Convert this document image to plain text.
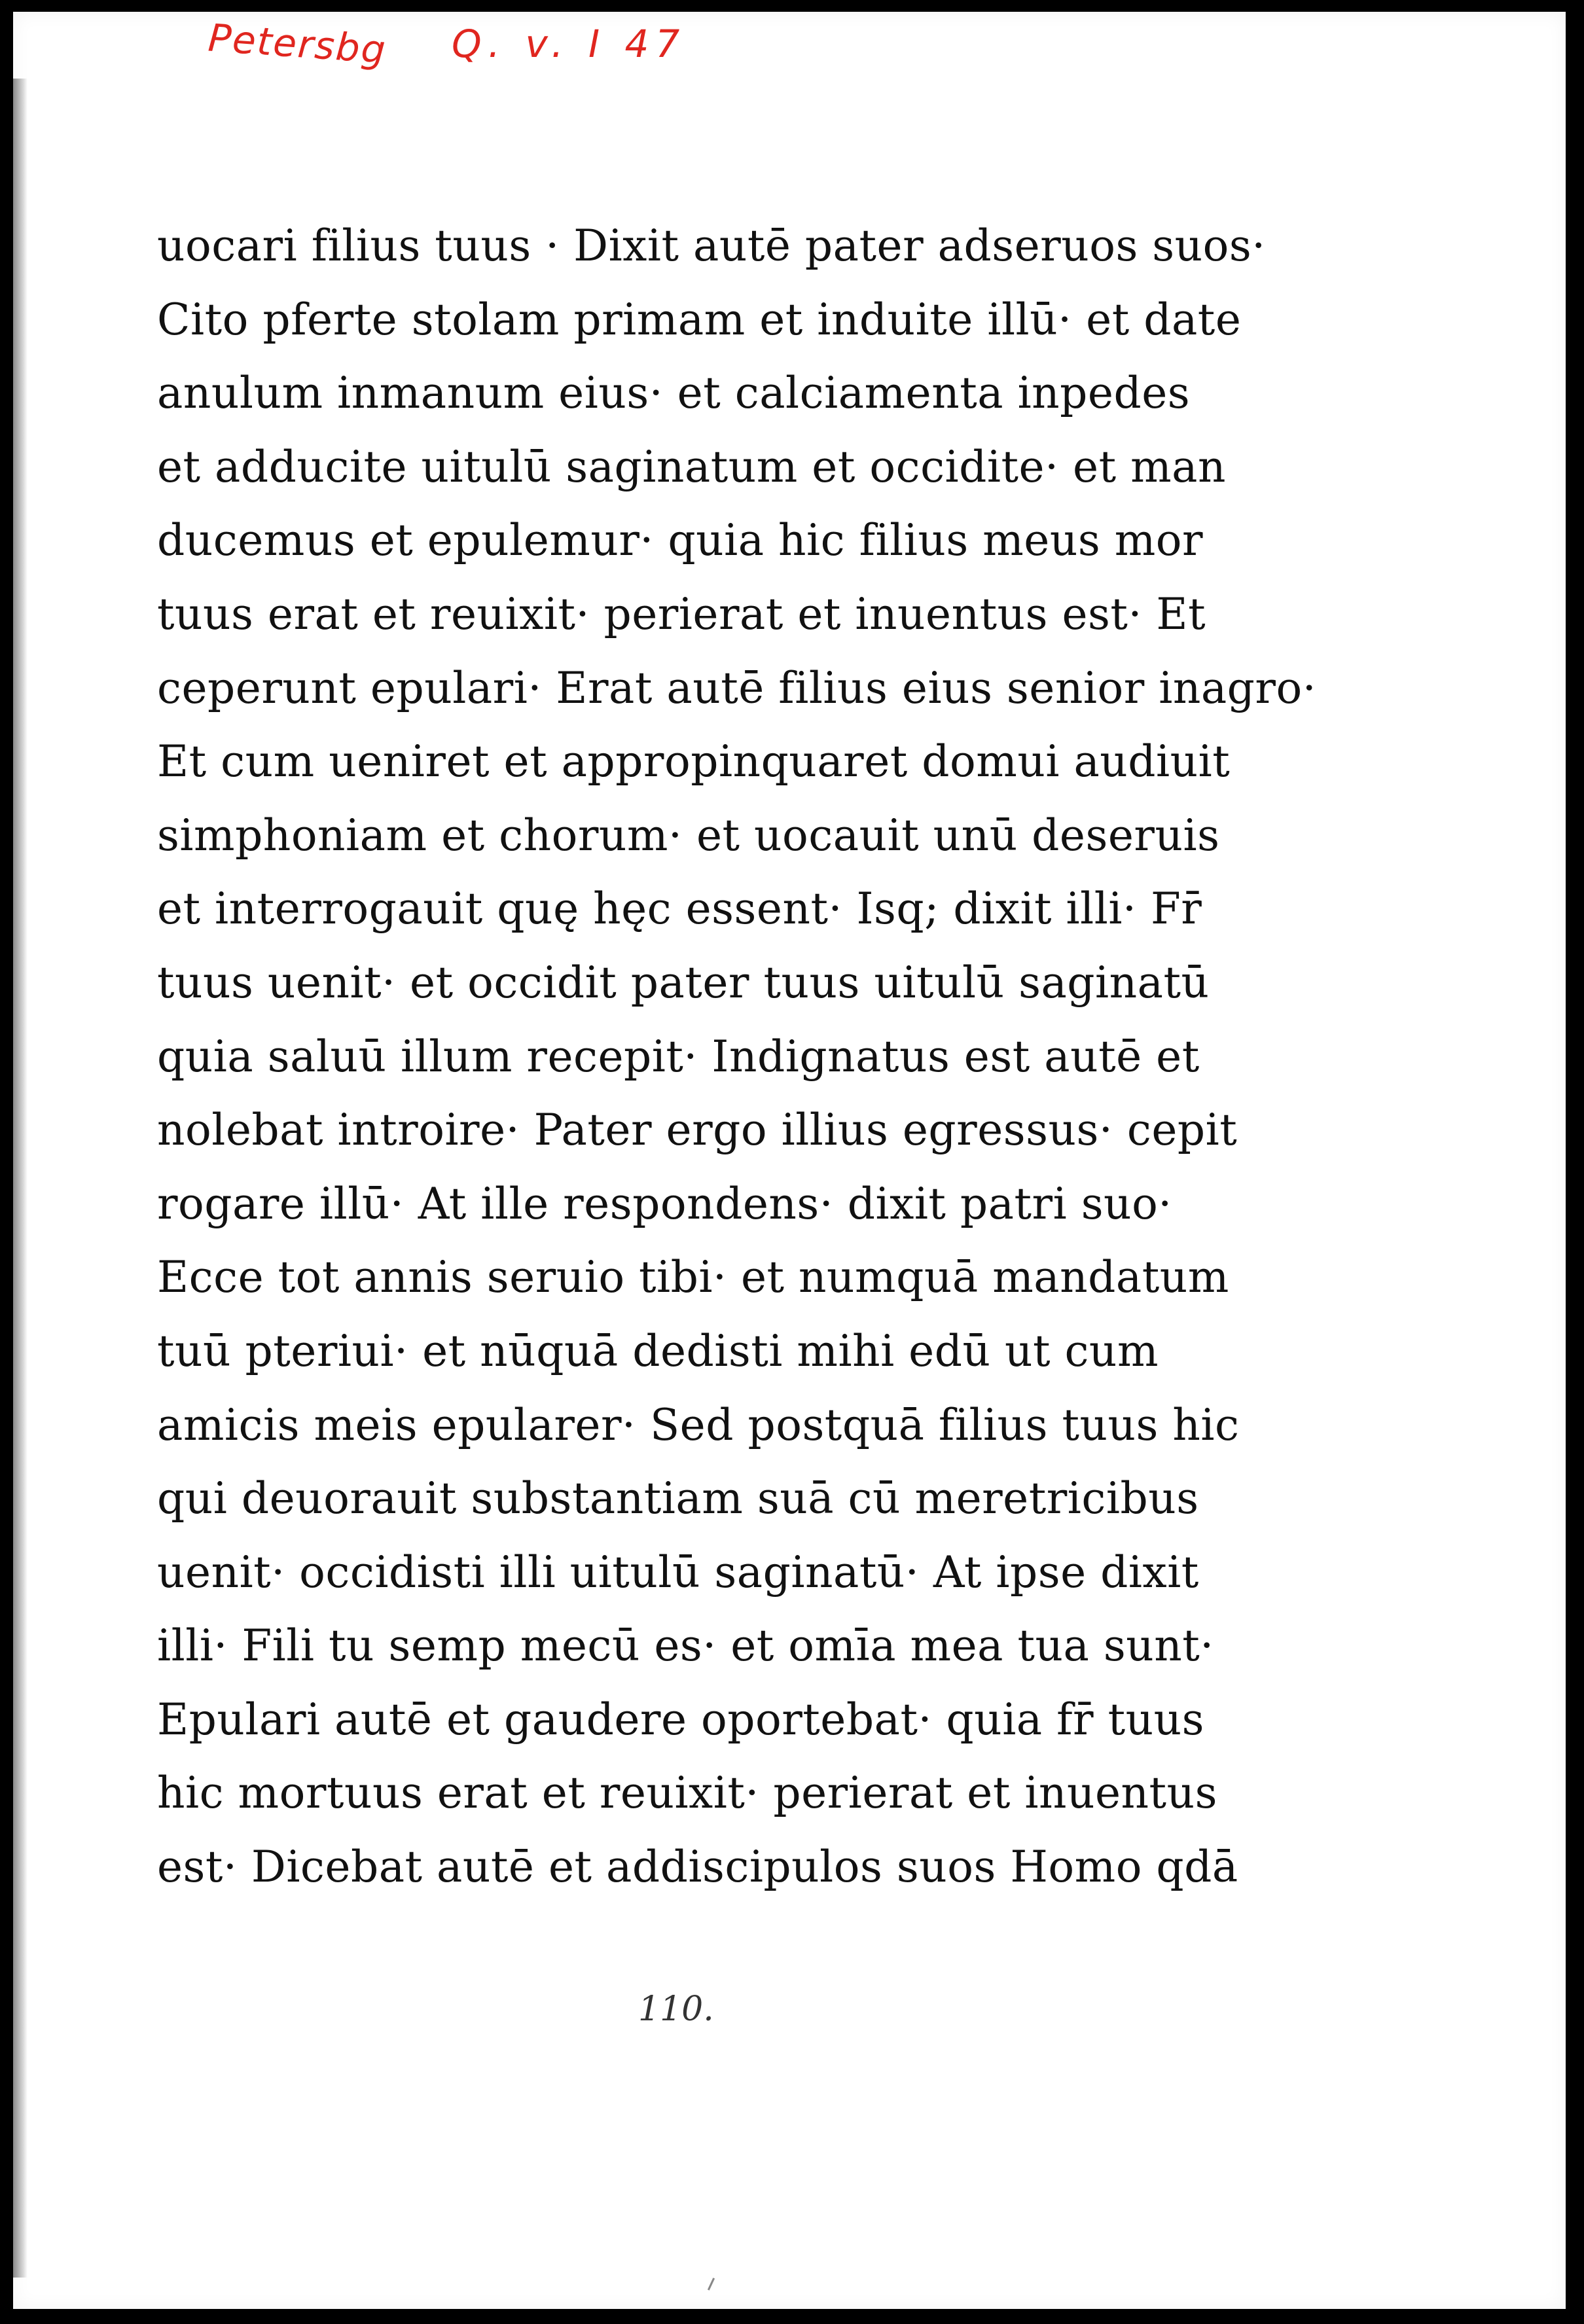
Petersbg Q. v. I 47
uocari filius tuus · Dixit autē pater adseruos suos·
Cito pferte stolam primam et induite illū· et date
anulum inmanum eius· et calciamenta inpedes
et adducite uitulū saginatum et occidite· et man
ducemus et epulemur· quia hic filius meus mor
tuus erat et reuixit· perierat et inuentus est· Et
ceperunt epulari· Erat autē filius eius senior inagro·
Et cum ueniret et appropinquaret domui audiuit
simphoniam et chorum· et uocauit unū deseruis
et interrogauit quę hęc essent· Isq; dixit illi· Fr̄
tuus uenit· et occidit pater tuus uitulū saginatū
quia saluū illum recepit· Indignatus est autē et
nolebat introire· Pater ergo illius egressus· cepit
rogare illū· At ille respondens· dixit patri suo·
Ecce tot annis seruio tibi· et numquā mandatum
tuū pteriui· et nūquā dedisti mihi edū ut cum
amicis meis epularer· Sed postquā filius tuus hic
qui deuorauit substantiam suā cū meretricibus
uenit· occidisti illi uitulū saginatū· At ipse dixit
illi· Fili tu semp mecū es· et omīa mea tua sunt·
Epulari autē et gaudere oportebat· quia fr̄ tuus
hic mortuus erat et reuixit· perierat et inuentus
est· Dicebat autē et addiscipulos suos Homo qdā
110.
